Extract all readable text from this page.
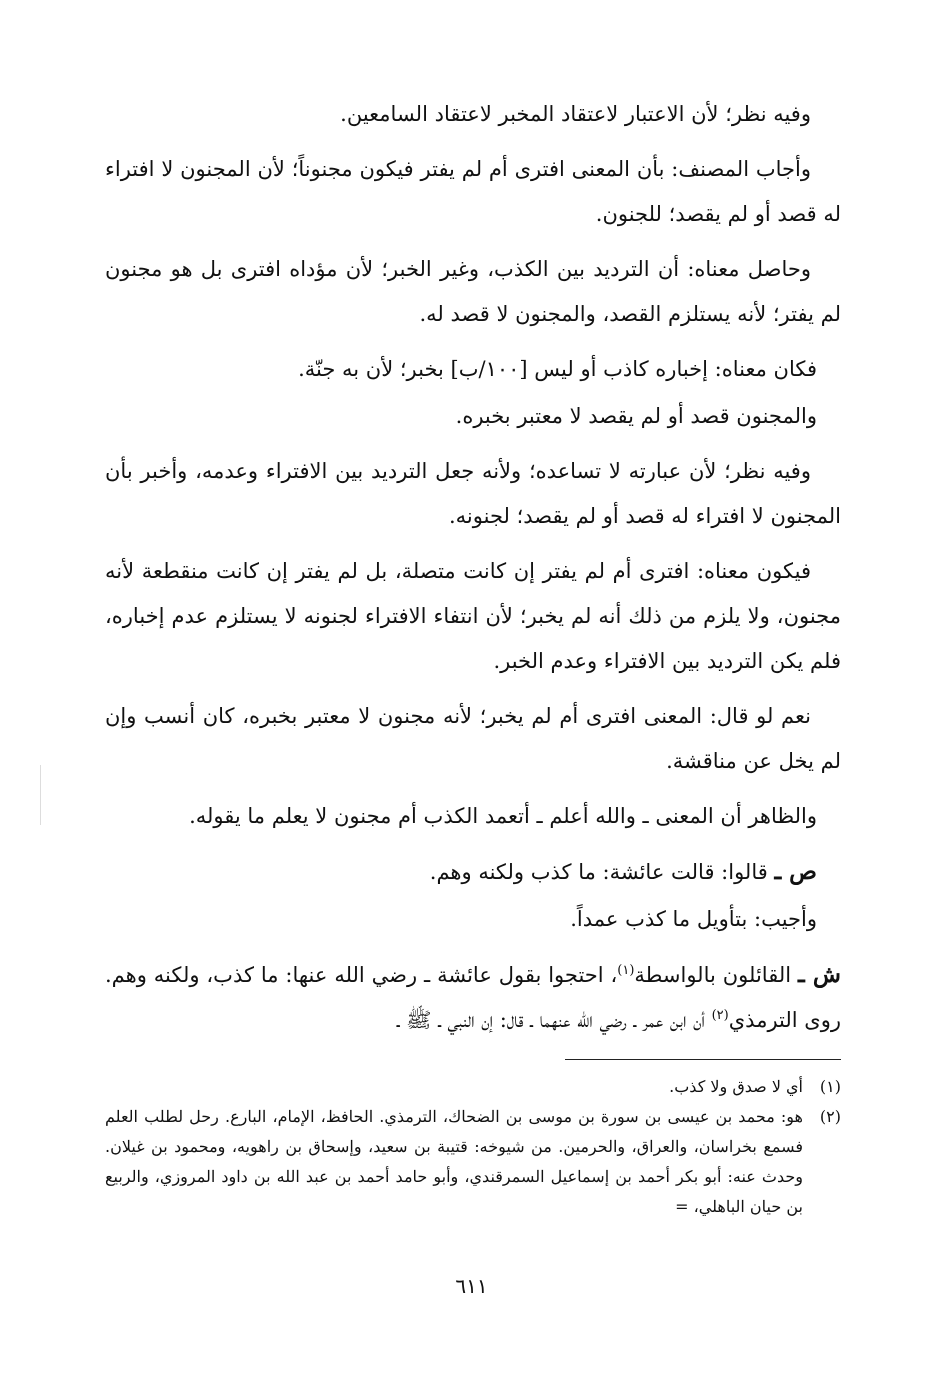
وفيه نظر؛ لأن الاعتبار لاعتقاد المخبر لاعتقاد السامعين.

وأجاب المصنف: بأن المعنى افترى أم لم يفتر فيكون مجنوناً؛ لأن المجنون لا افتراء له قصد أو لم يقصد؛ للجنون.

وحاصل معناه: أن الترديد بين الكذب، وغير الخبر؛ لأن مؤداه افترى بل هو مجنون لم يفتر؛ لأنه يستلزم القصد، والمجنون لا قصد له.

فكان معناه: إخباره كاذب أو ليس [١٠٠/ب] بخبر؛ لأن به جنّة.

والمجنون قصد أو لم يقصد لا معتبر بخبره.

وفيه نظر؛ لأن عبارته لا تساعده؛ ولأنه جعل الترديد بين الافتراء وعدمه، وأخبر بأن المجنون لا افتراء له قصد أو لم يقصد؛ لجنونه.

فيكون معناه: افترى أم لم يفتر إن كانت متصلة، بل لم يفتر إن كانت منقطعة لأنه مجنون، ولا يلزم من ذلك أنه لم يخبر؛ لأن انتفاء الافتراء لجنونه لا يستلزم عدم إخباره، فلم يكن الترديد بين الافتراء وعدم الخبر.

نعم لو قال: المعنى افترى أم لم يخبر؛ لأنه مجنون لا معتبر بخبره، كان أنسب وإن لم يخل عن مناقشة.

والظاهر أن المعنى ـ والله أعلم ـ أتعمد الكذب أم مجنون لا يعلم ما يقوله.

ص ـ قالوا: قالت عائشة: ما كذب ولكنه وهم.

وأجيب: بتأويل ما كذب عمداً.

ش ـ القائلون بالواسطة$^{(١)}$، احتجوا بقول عائشة ـ رضي الله عنها: ما كذب، ولكنه وهم. روى الترمذي$^{(٢)}$ أن ابن عمر ـ رضي الله عنهما ـ قال: إن النبي ـ ﷺ ـ

(١)

أي لا صدق ولا كذب.

(٢)

هو: محمد بن عيسى بن سورة بن موسى بن الضحاك، الترمذي. الحافظ، الإمام، البارع. رحل لطلب العلم فسمع بخراسان، والعراق، والحرمين. من شيوخه: قتيبة بن سعيد، وإسحاق بن راهويه، ومحمود بن غيلان. وحدث عنه: أبو بكر أحمد بن إسماعيل السمرقندي، وأبو حامد أحمد بن عبد الله بن داود المروزي، والربيع بن حيان الباهلي، =

٦١١
